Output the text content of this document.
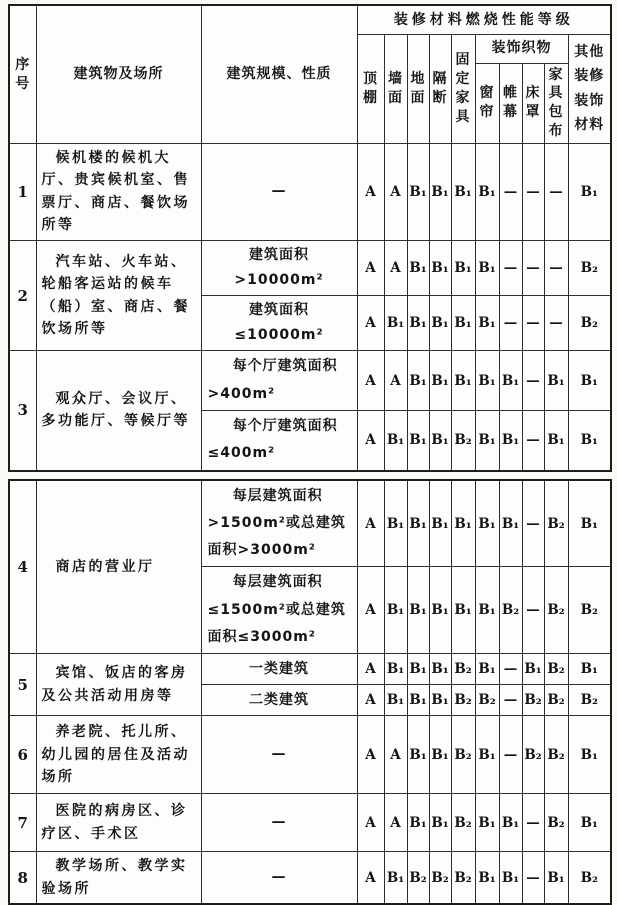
序号	建筑物及场所	建筑规模、性质	装修材料燃烧性能等级									
			顶棚	墙面	地面	隔断	固定家具	装饰织物				其他装修装饰材料
								窗帘	帷幕	床罩	家具包布	
1	候机楼的候机大厅、贵宾候机室、售票厅、商店、餐饮场所等	—	A	A	B₁	B₁	B₁	B₁	—	—	—	B₁
2	汽车站、火车站、轮船客运站的候车（船）室、商店、餐饮场所等	建筑面积>10000m²	A	A	B₁	B₁	B₁	B₁	—	—	—	B₂
		建筑面积≤10000m²	A	B₁	B₁	B₁	B₁	B₁	—	—	—	B₂
3	观众厅、会议厅、多功能厅、等候厅等	每个厅建筑面积>400m²	A	A	B₁	B₁	B₁	B₁	B₁	—	B₁	B₁
		每个厅建筑面积≤400m²	A	B₁	B₁	B₁	B₂	B₁	B₁	—	B₁	B₁
4	商店的营业厅	每层建筑面积>1500m²或总建筑面积>3000m²	A	B₁	B₁	B₁	B₁	B₁	B₁	—	B₂	B₁
		每层建筑面积≤1500m²或总建筑面积≤3000m²	A	B₁	B₁	B₁	B₁	B₁	B₂	—	B₂	B₂
5	宾馆、饭店的客房及公共活动用房等	一类建筑	A	B₁	B₁	B₁	B₂	B₁	—	B₁	B₂	B₁
		二类建筑	A	B₁	B₁	B₁	B₂	B₂	—	B₂	B₂	B₂
6	养老院、托儿所、幼儿园的居住及活动场所	—	A	A	B₁	B₁	B₂	B₁	—	B₂	B₂	B₁
7	医院的病房区、诊疗区、手术区	—	A	A	B₁	B₁	B₂	B₁	B₁	—	B₂	B₁
8	教学场所、教学实验场所	—	A	B₁	B₂	B₂	B₂	B₁	B₁	—	B₁	B₂
